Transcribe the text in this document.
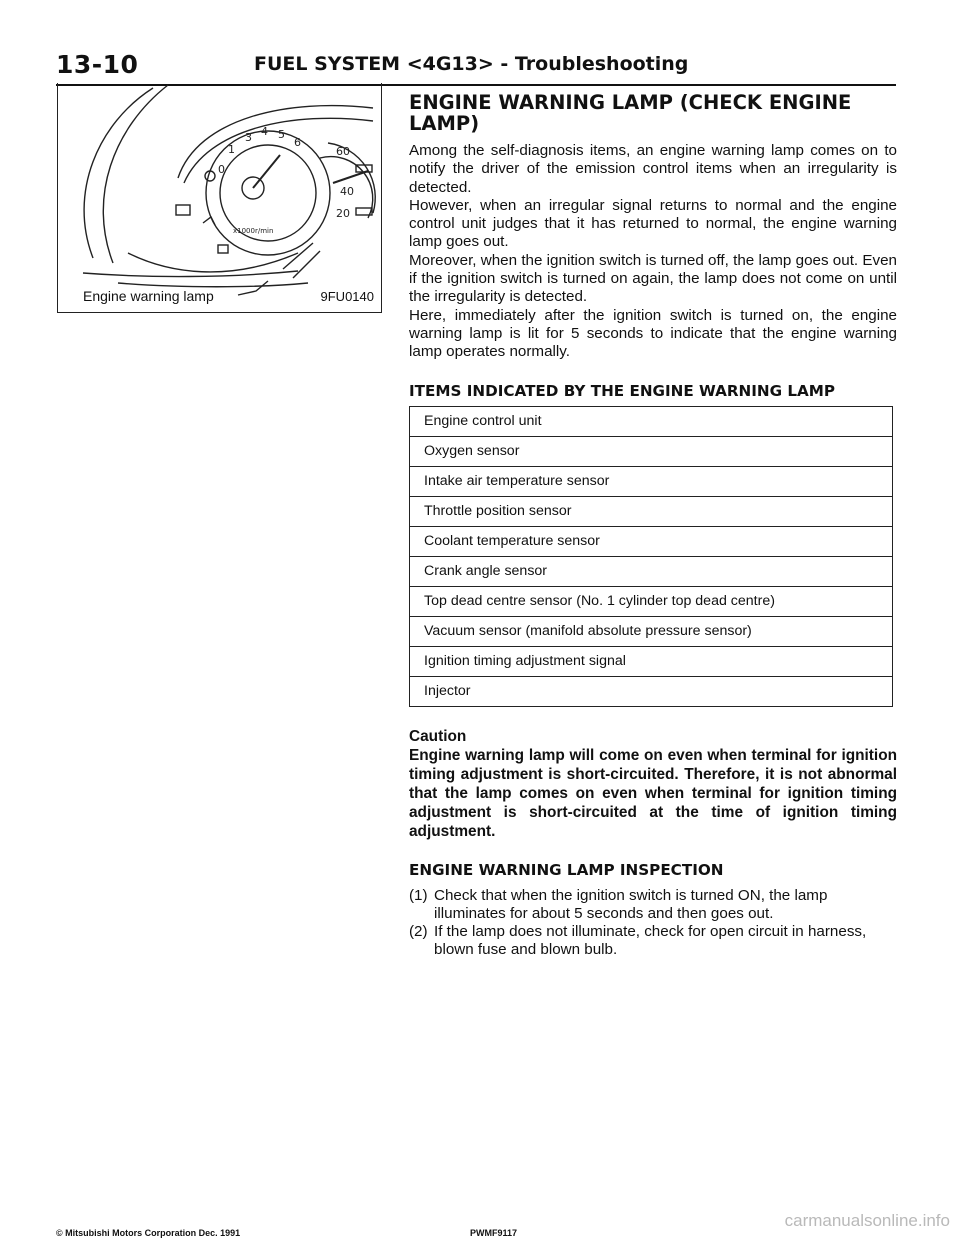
13-10	FUEL SYSTEM <4G13> - Troubleshooting
1
3 4 5
6
0
60
40
20
x1000r/min
Engine warning lamp	9FU0140
ENGINE WARNING LAMP (CHECK ENGINE LAMP)

Among the self-diagnosis items, an engine warning lamp comes on to notify the driver of the emission control items when an irregularity is detected.

However, when an irregular signal returns to normal and the engine control unit judges that it has returned to normal, the engine warning lamp goes out.

Moreover, when the ignition switch is turned off, the lamp goes out. Even if the ignition switch is turned on again, the lamp does not come on until the irregularity is detected.

Here, immediately after the ignition switch is turned on, the engine warning lamp is lit for 5 seconds to indicate that the engine warning lamp operates normally.

ITEMS INDICATED BY THE ENGINE WARNING LAMP
Engine control unit
Oxygen sensor
Intake air temperature sensor
Throttle position sensor
Coolant temperature sensor
Crank angle sensor
Top dead centre sensor (No. 1 cylinder top dead centre)
Vacuum sensor (manifold absolute pressure sensor)
Ignition timing adjustment signal
Injector
Caution
Engine warning lamp will come on even when terminal for ignition timing adjustment is short-circuited. Therefore, it is not abnormal that the lamp comes on even when terminal for ignition timing adjustment is short-circuited at the time of ignition timing adjustment.
ENGINE WARNING LAMP INSPECTION
(1) Check that when the ignition switch is turned ON, the lamp illuminates for about 5 seconds and then goes out.
(2) If the lamp does not illuminate, check for open circuit in harness, blown fuse and blown bulb.
© Mitsubishi Motors Corporation Dec. 1991	PWMF9117
carmanualsonline.info
